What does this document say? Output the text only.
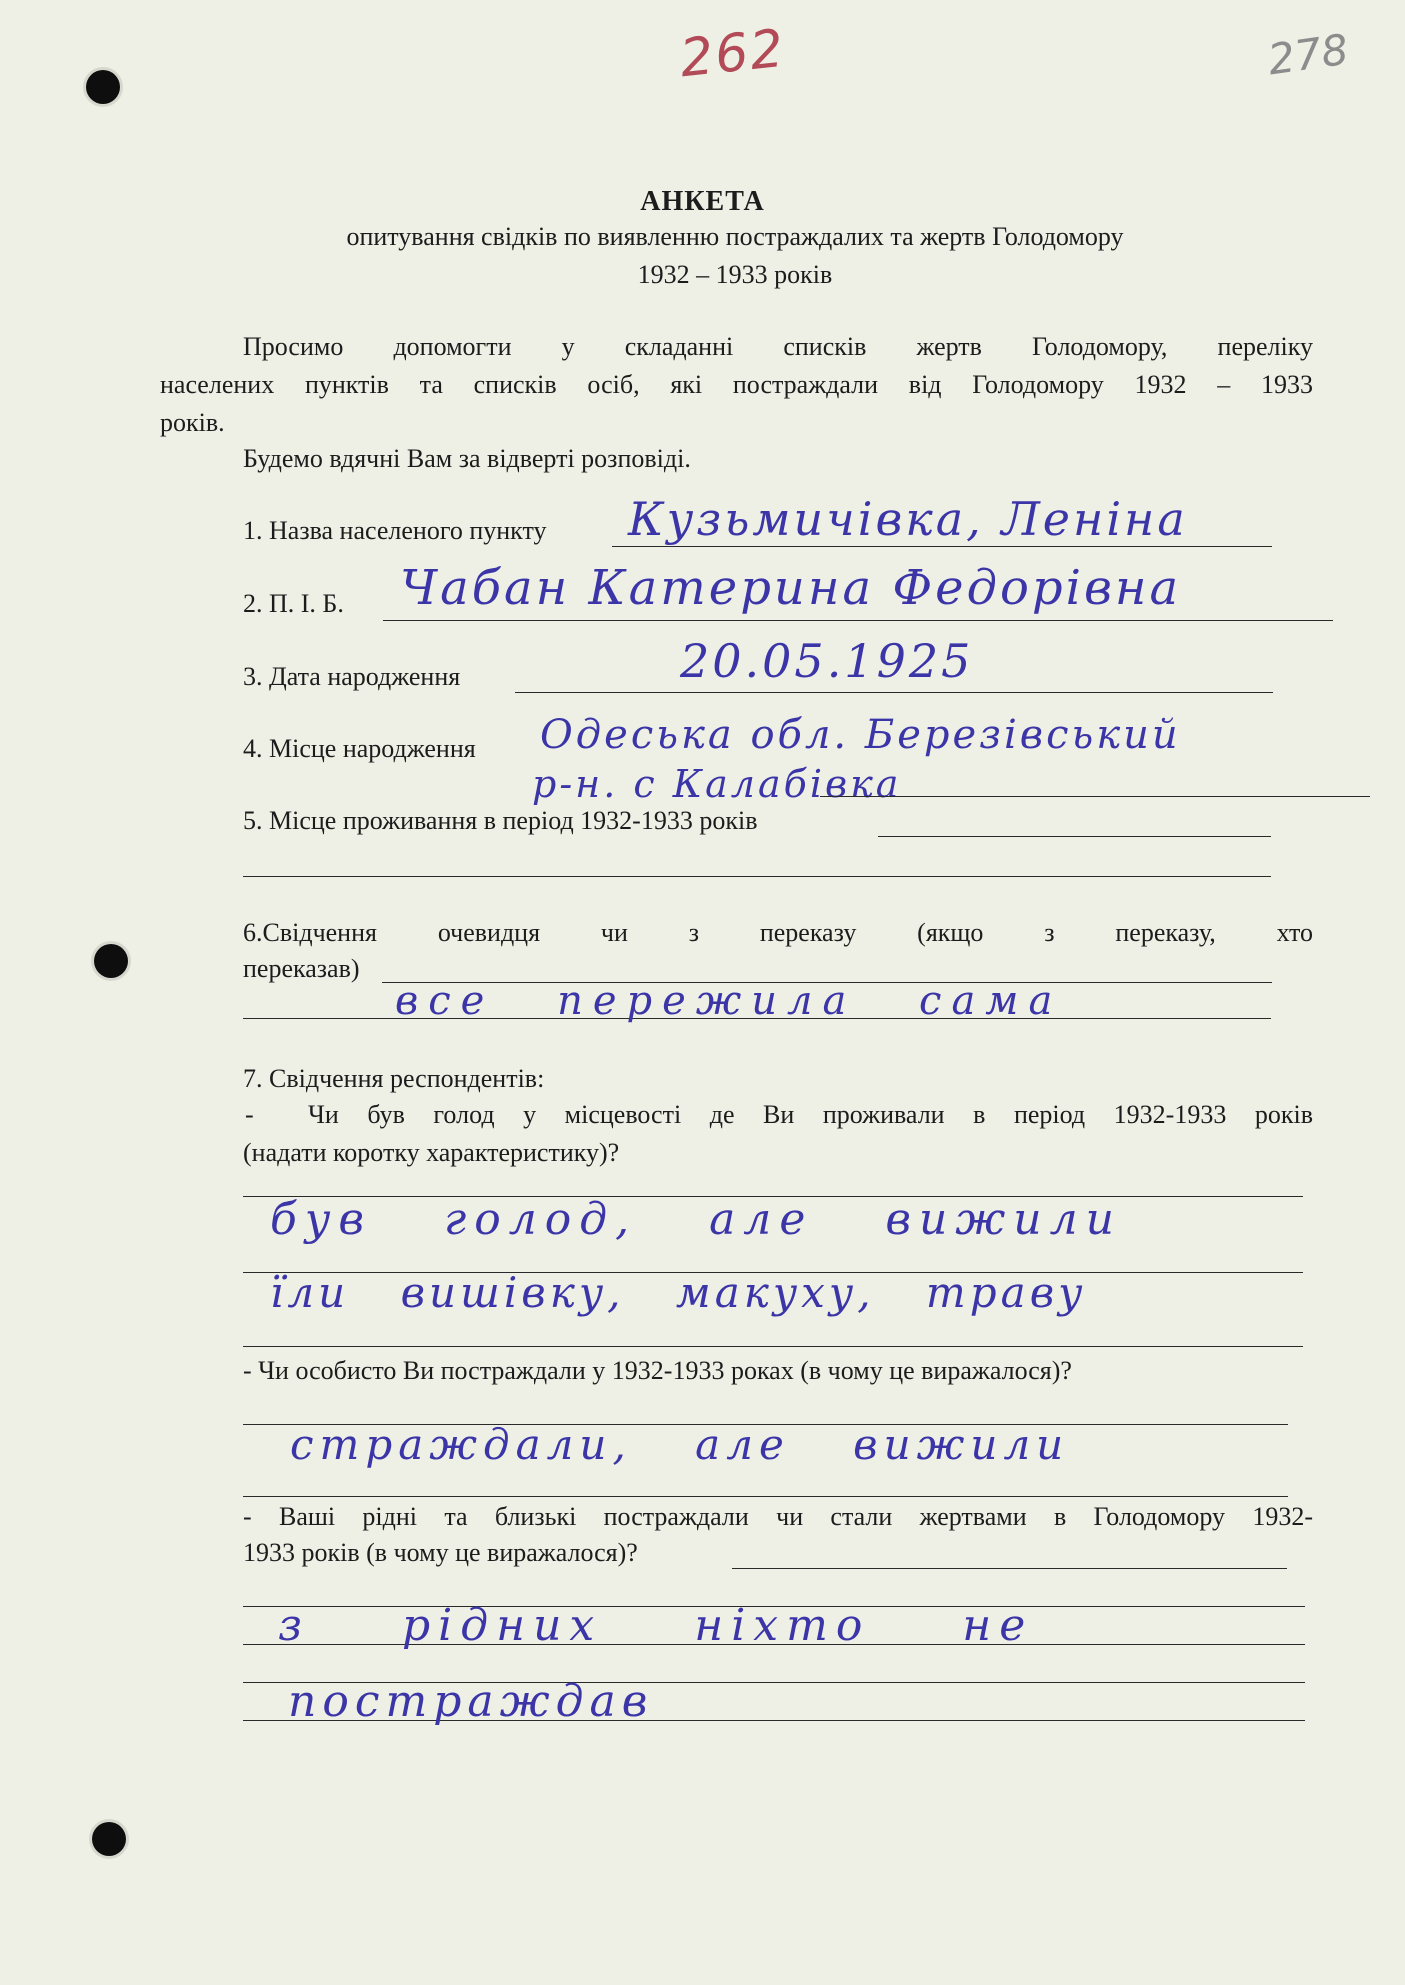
262	278
АНКЕТА
опитування свідків по виявленню постраждалих та жертв Голодомору
1932 – 1933 років
Просимо допомогти у складанні списків жертв Голодомору, переліку
населених пунктів та списків осіб, які постраждали від Голодомору 1932 – 1933
років.
Будемо вдячні Вам за відверті розповіді.
1. Назва населеного пункту Кузьмичівка, Леніна
2. П. І. Б. Чабан Катерина Федорівна
3. Дата народження	20.05.1925
4. Місце народження Одеська обл. Березівський
р-н. с Калабівка
5. Місце проживання в період 1932-1933 років
6.Свідчення очевидця чи з переказу (якщо з переказу, хто
переказав)
все пережила сама
7. Свідчення респондентів:
- Чи був голод у місцевості де Ви проживали в період 1932-1933 років
(надати коротку характеристику)?
був голод, але вижили
їли вишівку, макуху, траву
- Чи особисто Ви постраждали у 1932-1933 роках (в чому це виражалося)?
страждали, але вижили
- Ваші рідні та близькі постраждали чи стали жертвами в Голодомору 1932-
1933 років (в чому це виражалося)?
з рідних ніхто не
постраждав
